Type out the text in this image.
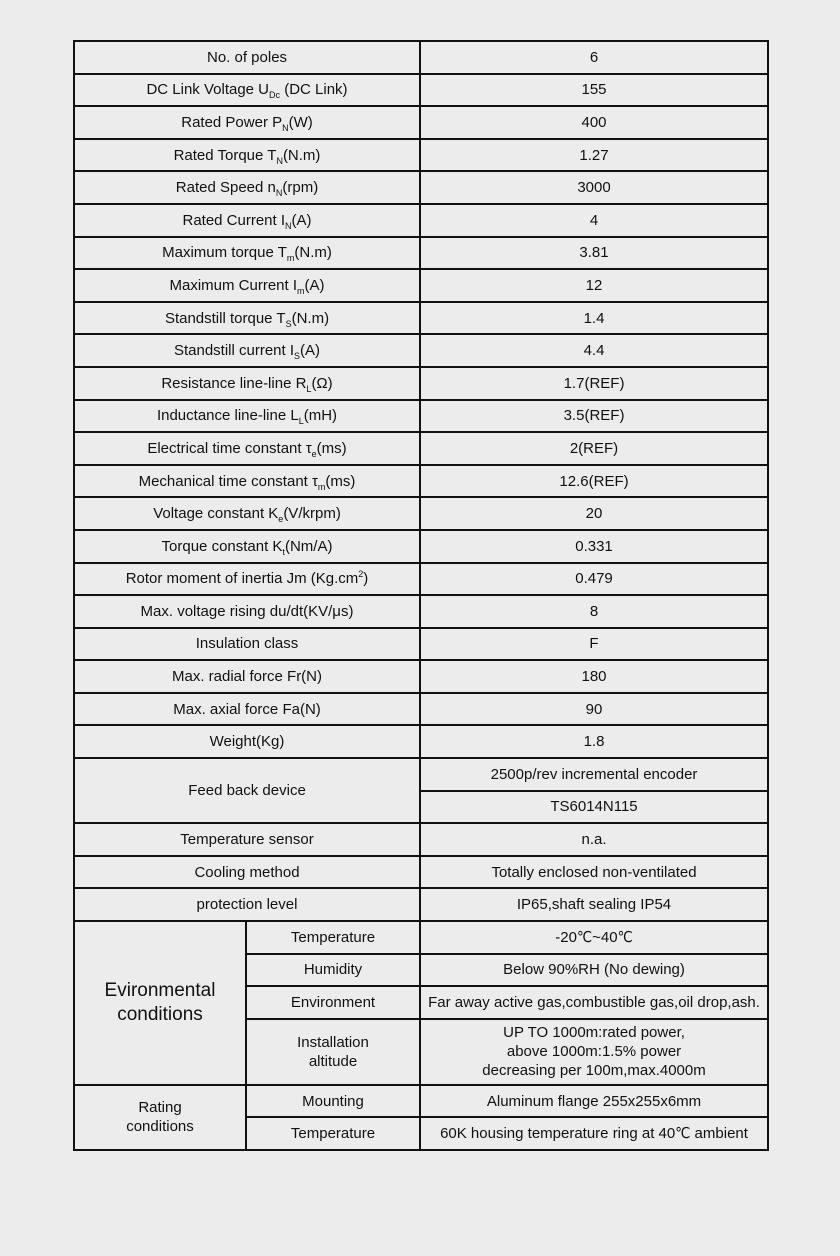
No. of poles		6
DC Link Voltage $U_{Dc}$ (DC Link)		155
Rated Power $P_N(W)$		400
Rated Torque $T_N(N.m)$		1.27
Rated Speed $n_N(rpm)$		3000
Rated Current $I_N(A)$		4
Maximum torque $T_m(N.m)$		3.81
Maximum Current $I_m(A)$		12
Standstill torque $T_S(N.m)$		1.4
Standstill current $I_S(A)$		4.4
Resistance line-line $R_L(\Omega)$		1.7(REF)
Inductance line-line $L_L(mH)$		3.5(REF)
Electrical time constant $\tau_e(ms)$		2(REF)
Mechanical time constant $\tau_m(ms)$		12.6(REF)
Voltage constant $K_e(V/krpm)$		20
Torque constant $K_t(Nm/A)$		0.331
Rotor moment of inertia Jm $(Kg.cm^2)$		0.479
Max. voltage rising du/dt(KV/μs)		8
Insulation class		F
Max. radial force Fr(N)		180
Max. axial force Fa(N)		90
Weight(Kg)		1.8
Feed back device		2500p/rev incremental encoder
		TS6014N115
Temperature sensor		n.a.
Cooling method		Totally enclosed non-ventilated
protection level		IP65,shaft sealing IP54
Evironmental
conditions	Temperature	-20℃~40℃
	Humidity	Below 90%RH (No dewing)
	Environment	Far away active gas,combustible gas,oil drop,ash.
	Installation
altitude	UP TO 1000m:rated power,
above 1000m:1.5% power
decreasing per 100m,max.4000m
Rating
conditions	Mounting	Aluminum flange 255x255x6mm
	Temperature	60K housing temperature ring at 40℃ ambient
